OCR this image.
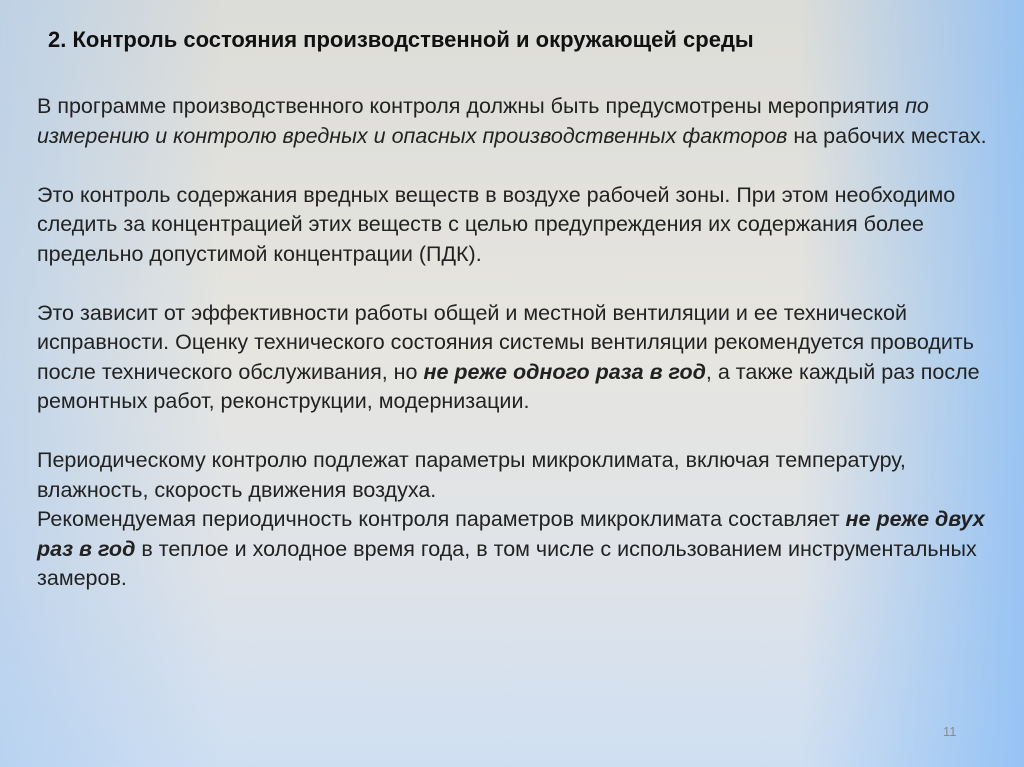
2. Контроль состояния производственной и окружающей среды

В программе производственного контроля должны быть предусмотрены мероприятия по измерению и контролю вредных и опасных производственных факторов на рабочих местах.

Это контроль содержания вредных веществ в воздухе рабочей зоны. При этом необходимо следить за концентрацией этих веществ с целью предупреждения их содержания более предельно допустимой концентрации (ПДК).

Это зависит от эффективности работы общей и местной вентиляции и ее технической исправности. Оценку технического состояния системы вентиляции рекомендуется проводить после технического обслуживания, но не реже одного раза в год, а также каждый раз после ремонтных работ, реконструкции, модернизации.

Периодическому контролю подлежат параметры микроклимата, включая температуру, влажность, скорость движения воздуха.

Рекомендуемая периодичность контроля параметров микроклимата составляет не реже двух раз в год в теплое и холодное время года, в том числе с использованием инструментальных замеров.

11
